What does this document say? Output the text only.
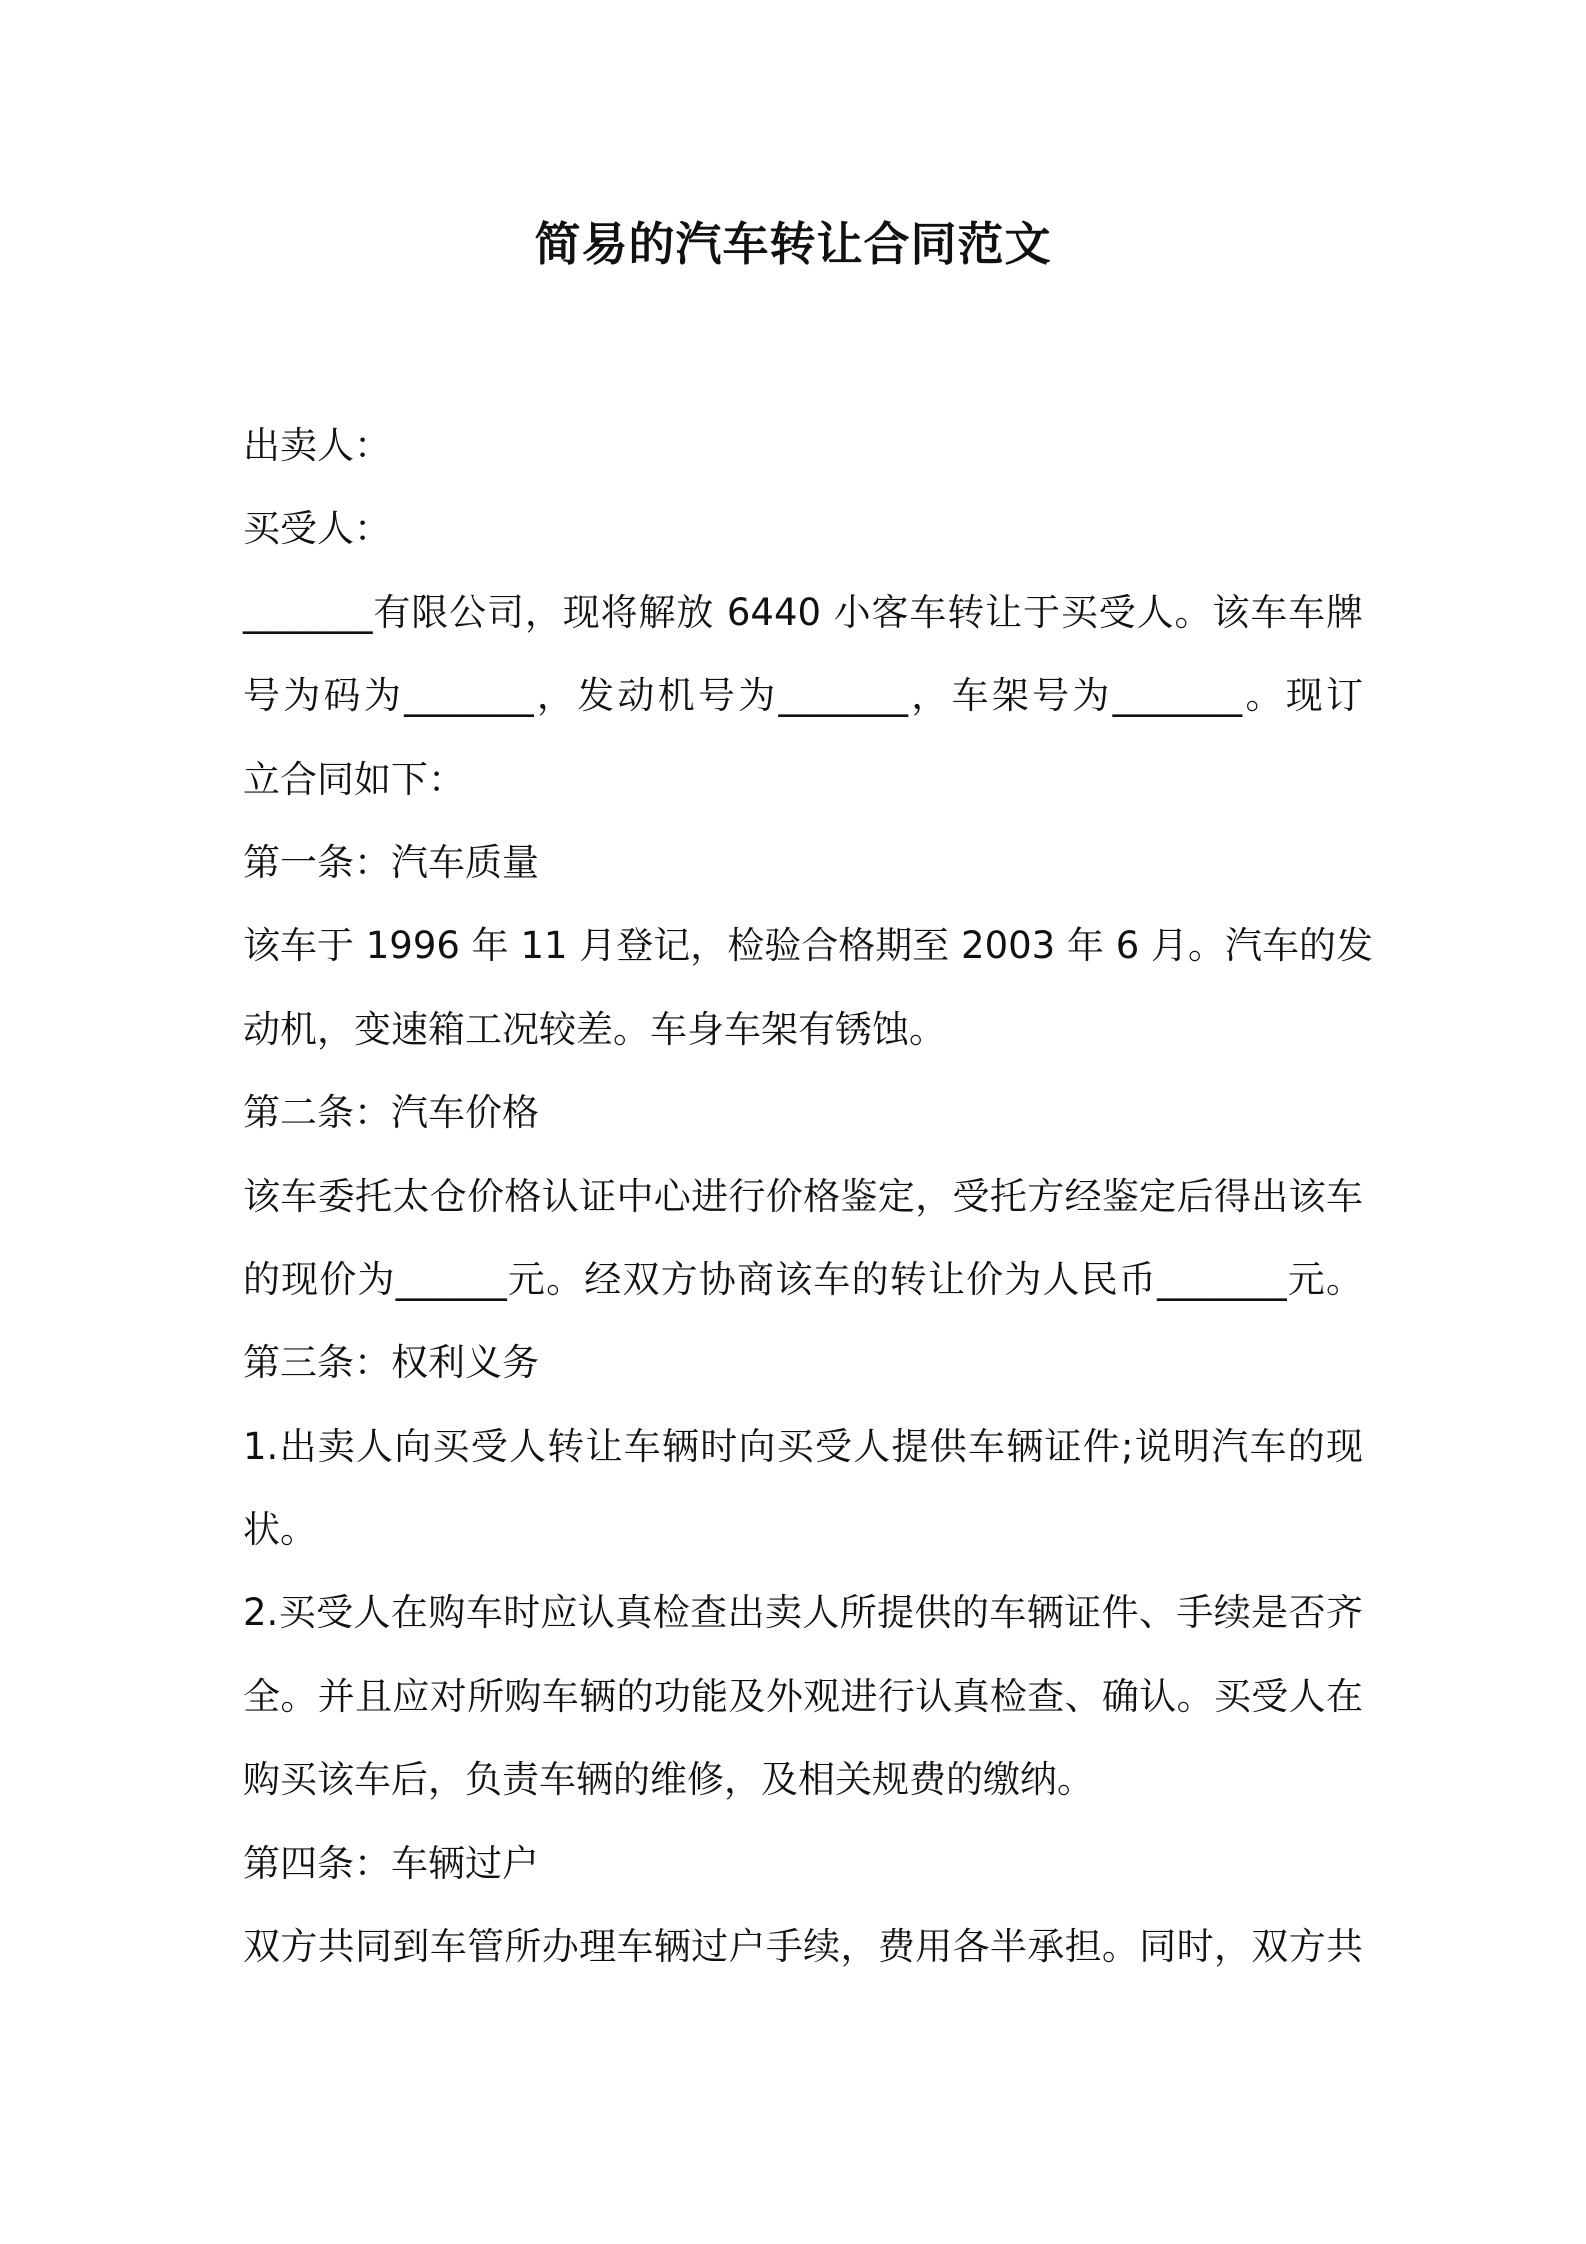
简易的汽车转让合同范文

出卖人：

买受人：

_______有限公司，现将解放 6440 小客车转让于买受人。该车车牌

号为码为_______，发动机号为_______，车架号为_______。现订

立合同如下：

第一条：汽车质量

该车于 1996 年 11 月登记，检验合格期至 2003 年 6 月。汽车的发

动机，变速箱工况较差。车身车架有锈蚀。

第二条：汽车价格

该车委托太仓价格认证中心进行价格鉴定，受托方经鉴定后得出该车

的现价为______元。经双方协商该车的转让价为人民币_______元。

第三条：权利义务

1.出卖人向买受人转让车辆时向买受人提供车辆证件;说明汽车的现

状。

2.买受人在购车时应认真检查出卖人所提供的车辆证件、手续是否齐

全。并且应对所购车辆的功能及外观进行认真检查、确认。买受人在

购买该车后，负责车辆的维修，及相关规费的缴纳。

第四条：车辆过户

双方共同到车管所办理车辆过户手续，费用各半承担。同时，双方共
